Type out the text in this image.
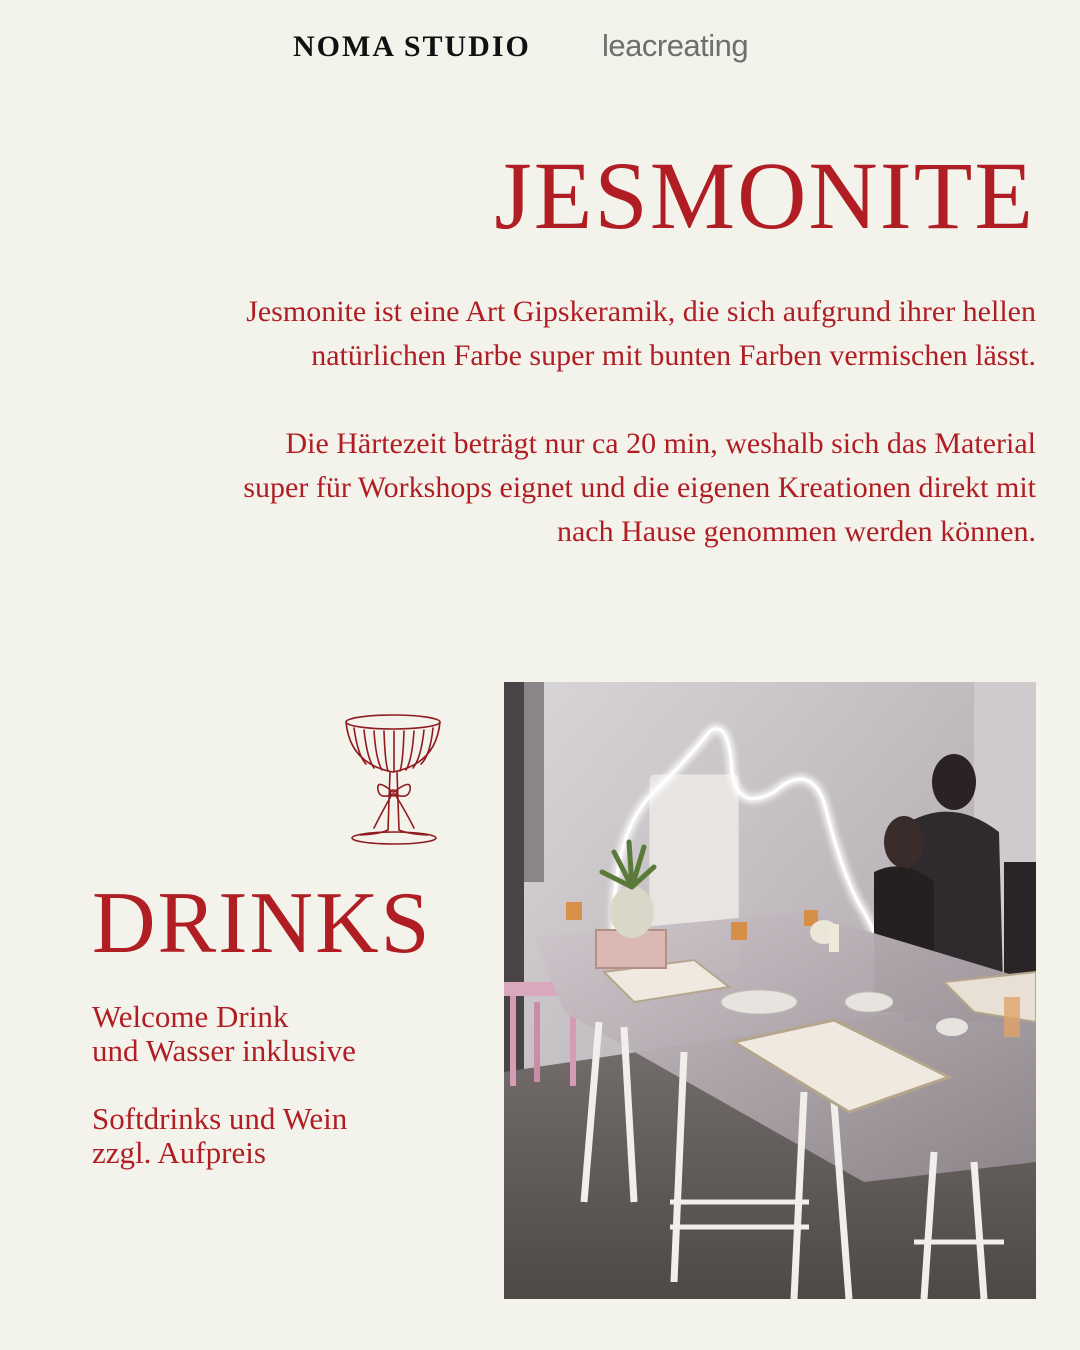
NOMA STUDIO leacreating
JESMONITE

Jesmonite ist eine Art Gipskeramik, die sich aufgrund ihrer hellen natürlichen Farbe super mit bunten Farben vermischen lässt.

Die Härtezeit beträgt nur ca 20 min, weshalb sich das Material super für Workshops eignet und die eigenen Kreationen direkt mit nach Hause genommen werden können.

DRINKS
Welcome Drink
und Wasser inklusive
Softdrinks und Wein
zzgl. Aufpreis
